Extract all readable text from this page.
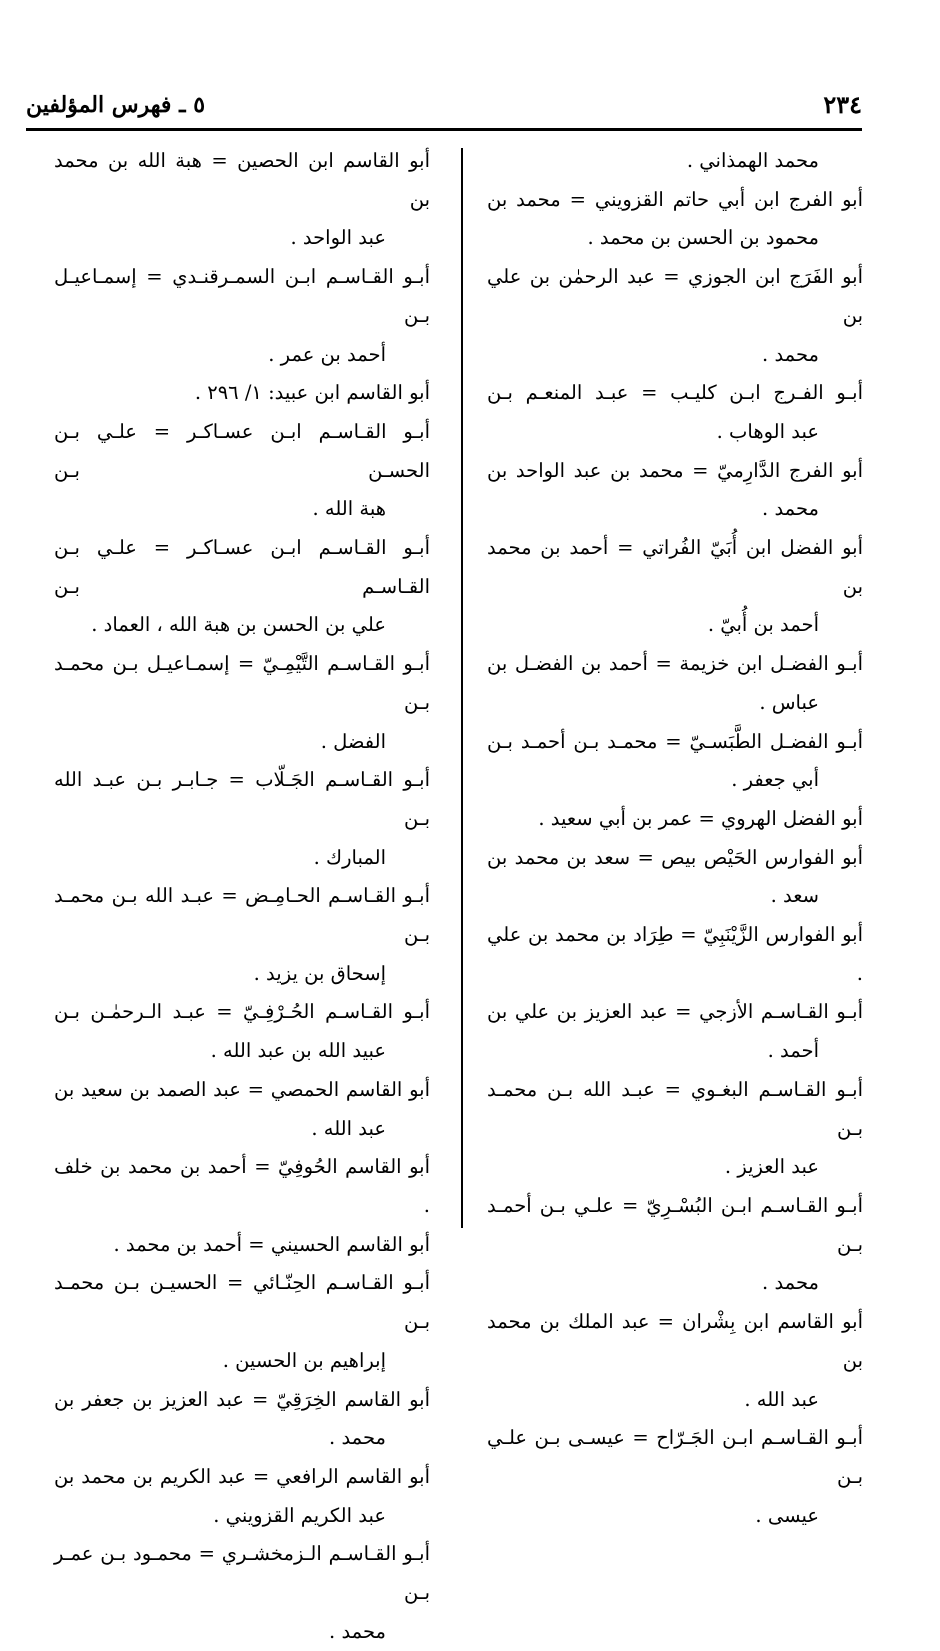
٢٣٤
٥ ـ فهرس المؤلفين
محمد الهمذاني .
أبو الفرج ابن أبي حاتم القزويني = محمد بن
محمود بن الحسن بن محمد .
أبو الفَرَج ابن الجوزي = عبد الرحمٰن بن علي بن
محمد .
أبـو الفـرج ابـن كليـب = عبـد المنعـم بـن
عبد الوهاب .
أبو الفرج الدَّارِميّ = محمد بن عبد الواحد بن
محمد .
أبو الفضل ابن أُبَيّ الفُراتي = أحمد بن محمد بن
أحمد بن أُبيّ .
أبـو الفضـل ابن خزيمة = أحمد بن الفضـل بن
عباس .
أبـو الفضـل الطَّبَسـيّ = محمـد بـن أحمـد بـن
أبي جعفر .
أبو الفضل الهروي = عمر بن أبي سعيد .
أبو الفوارس الحَيْص بيص = سعد بن محمد بن
سعد .
أبو الفوارس الزَّيْنَبِيّ = طِرَاد بن محمد بن علي .
أبـو القـاسـم الأزجي = عبد العزيز بن علي بن
أحمد .
أبـو القـاسـم البغـوي = عبـد الله بـن محمـد بـن
عبد العزيز .
أبـو القـاسـم ابـن البُسْـرِيّ = علـي بـن أحمـد بـن
محمد .
أبو القاسم ابن بِشْران = عبد الملك بن محمد بن
عبد الله .
أبـو القـاسـم ابـن الجَـرّاح = عيسـى بـن علـي بـن
عيسى .
أبو القاسم ابن الحصين = هبة الله بن محمد بن
عبد الواحد .
أبـو القـاسـم ابـن السمـرقنـدي = إسمـاعيـل بـن
أحمد بن عمر .
أبو القاسم ابن عبيد: ١/ ٢٩٦ .
أبـو القـاسـم ابـن عسـاكـر = علـي بـن الحسـن بـن
هبة الله .
أبـو القـاسـم ابـن عسـاكـر = علـي بـن القـاسـم بـن
علي بن الحسن بن هبة الله ، العماد .
أبـو القـاسـم التَّيْمِـيّ = إسمـاعيـل بـن محمـد بـن
الفضل .
أبـو القـاسـم الجَـلّاب = جـابـر بـن عبـد الله بـن
المبارك .
أبـو القـاسـم الحـامِـض = عبـد الله بـن محمـد بـن
إسحاق بن يزيد .
أبـو القـاسـم الحُـرْفِـيّ = عبـد الـرحمٰـن بـن
عبيد الله بن عبد الله .
أبو القاسم الحمصي = عبد الصمد بن سعيد بن
عبد الله .
أبو القاسم الحُوفِيّ = أحمد بن محمد بن خلف .
أبو القاسم الحسيني = أحمد بن محمد .
أبـو القـاسـم الحِنّـائي = الحسيـن بـن محمـد بـن
إبراهيم بن الحسين .
أبو القاسم الخِرَقِيّ = عبد العزيز بن جعفر بن
محمد .
أبو القاسم الرافعي = عبد الكريم بن محمد بن
عبد الكريم القزويني .
أبـو القـاسـم الـزمخشـري = محمـود بـن عمـر بـن
محمد .
